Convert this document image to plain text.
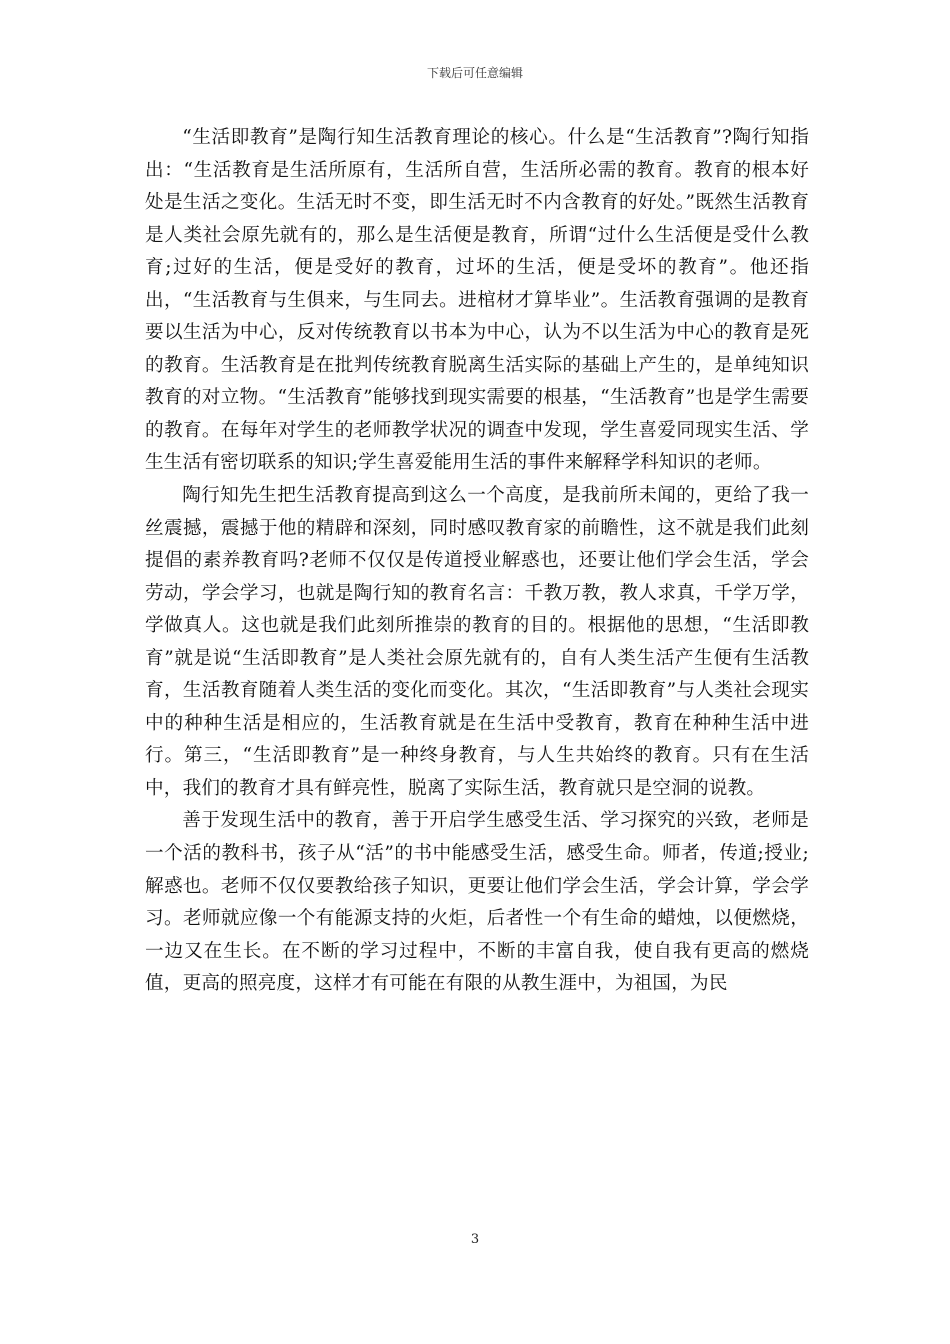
下载后可任意编辑

“生活即教育”是陶行知生活教育理论的核心。什么是“生活教育”?陶行知指出：“生活教育是生活所原有，生活所自营，生活所必需的教育。教育的根本好处是生活之变化。生活无时不变，即生活无时不内含教育的好处。”既然生活教育是人类社会原先就有的，那么是生活便是教育，所谓“过什么生活便是受什么教育;过好的生活，便是受好的教育，过坏的生活，便是受坏的教育”。他还指出，“生活教育与生俱来，与生同去。进棺材才算毕业”。生活教育强调的是教育要以生活为中心，反对传统教育以书本为中心，认为不以生活为中心的教育是死的教育。生活教育是在批判传统教育脱离生活实际的基础上产生的，是单纯知识教育的对立物。“生活教育”能够找到现实需要的根基，“生活教育”也是学生需要的教育。在每年对学生的老师教学状况的调查中发现，学生喜爱同现实生活、学生生活有密切联系的知识;学生喜爱能用生活的事件来解释学科知识的老师。

陶行知先生把生活教育提高到这么一个高度，是我前所未闻的，更给了我一丝震撼，震撼于他的精辟和深刻，同时感叹教育家的前瞻性，这不就是我们此刻提倡的素养教育吗?老师不仅仅是传道授业解惑也，还要让他们学会生活，学会劳动，学会学习，也就是陶行知的教育名言：千教万教，教人求真，千学万学，学做真人。这也就是我们此刻所推崇的教育的目的。根据他的思想，“生活即教育”就是说“生活即教育”是人类社会原先就有的，自有人类生活产生便有生活教育，生活教育随着人类生活的变化而变化。其次，“生活即教育”与人类社会现实中的种种生活是相应的，生活教育就是在生活中受教育，教育在种种生活中进行。第三，“生活即教育”是一种终身教育，与人生共始终的教育。只有在生活中，我们的教育才具有鲜亮性，脱离了实际生活，教育就只是空洞的说教。

善于发现生活中的教育，善于开启学生感受生活、学习探究的兴致，老师是一个活的教科书，孩子从“活”的书中能感受生活，感受生命。师者，传道;授业;解惑也。老师不仅仅要教给孩子知识，更要让他们学会生活，学会计算，学会学习。老师就应像一个有能源支持的火炬，后者性一个有生命的蜡烛，以便燃烧，一边又在生长。在不断的学习过程中，不断的丰富自我，使自我有更高的燃烧值，更高的照亮度，这样才有可能在有限的从教生涯中，为祖国，为民

3
